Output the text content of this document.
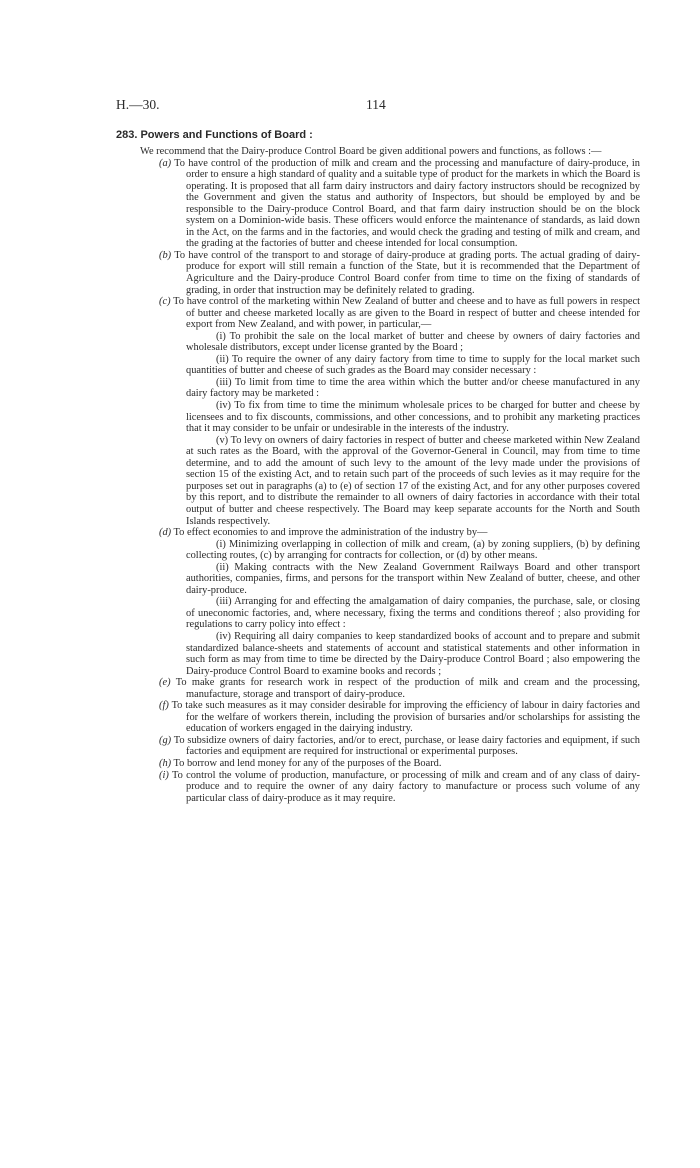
H.—30.	114
283. Powers and Functions of Board :

We recommend that the Dairy-produce Control Board be given additional powers and functions, as follows :—

(a) To have control of the production of milk and cream and the processing and manufacture of dairy-produce, in order to ensure a high standard of quality and a suitable type of product for the markets in which the Board is operating. It is proposed that all farm dairy instructors and dairy factory instructors should be recognized by the Government and given the status and authority of Inspectors, but should be employed by and be responsible to the Dairy-produce Control Board, and that farm dairy instruction should be on the block system on a Dominion-wide basis. These officers would enforce the maintenance of standards, as laid down in the Act, on the farms and in the factories, and would check the grading and testing of milk and cream, and the grading at the factories of butter and cheese intended for local consumption.

(b) To have control of the transport to and storage of dairy-produce at grading ports. The actual grading of dairy-produce for export will still remain a function of the State, but it is recommended that the Department of Agriculture and the Dairy-produce Control Board confer from time to time on the fixing of standards of grading, in order that instruction may be definitely related to grading.

(c) To have control of the marketing within New Zealand of butter and cheese and to have as full powers in respect of butter and cheese marketed locally as are given to the Board in respect of butter and cheese intended for export from New Zealand, and with power, in particular,—

(i) To prohibit the sale on the local market of butter and cheese by owners of dairy factories and wholesale distributors, except under license granted by the Board ;

(ii) To require the owner of any dairy factory from time to time to supply for the local market such quantities of butter and cheese of such grades as the Board may consider necessary :

(iii) To limit from time to time the area within which the butter and/or cheese manufactured in any dairy factory may be marketed :

(iv) To fix from time to time the minimum wholesale prices to be charged for butter and cheese by licensees and to fix discounts, commissions, and other concessions, and to prohibit any marketing practices that it may consider to be unfair or undesirable in the interests of the industry.

(v) To levy on owners of dairy factories in respect of butter and cheese marketed within New Zealand at such rates as the Board, with the approval of the Governor-General in Council, may from time to time determine, and to add the amount of such levy to the amount of the levy made under the provisions of section 15 of the existing Act, and to retain such part of the proceeds of such levies as it may require for the purposes set out in paragraphs (a) to (e) of section 17 of the existing Act, and for any other purposes covered by this report, and to distribute the remainder to all owners of dairy factories in accordance with their total output of butter and cheese respectively. The Board may keep separate accounts for the North and South Islands respectively.

(d) To effect economies to and improve the administration of the industry by—

(i) Minimizing overlapping in collection of milk and cream, (a) by zoning suppliers, (b) by defining collecting routes, (c) by arranging for contracts for collection, or (d) by other means.

(ii) Making contracts with the New Zealand Government Railways Board and other transport authorities, companies, firms, and persons for the transport within New Zealand of butter, cheese, and other dairy-produce.

(iii) Arranging for and effecting the amalgamation of dairy companies, the purchase, sale, or closing of uneconomic factories, and, where necessary, fixing the terms and conditions thereof ; also providing for regulations to carry policy into effect :

(iv) Requiring all dairy companies to keep standardized books of account and to prepare and submit standardized balance-sheets and statements of account and statistical statements and other information in such form as may from time to time be directed by the Dairy-produce Control Board ; also empowering the Dairy-produce Control Board to examine books and records ;

(e) To make grants for research work in respect of the production of milk and cream and the processing, manufacture, storage and transport of dairy-produce.

(f) To take such measures as it may consider desirable for improving the efficiency of labour in dairy factories and for the welfare of workers therein, including the provision of bursaries and/or scholarships for assisting the education of workers engaged in the dairying industry.

(g) To subsidize owners of dairy factories, and/or to erect, purchase, or lease dairy factories and equipment, if such factories and equipment are required for instructional or experimental purposes.

(h) To borrow and lend money for any of the purposes of the Board.

(i) To control the volume of production, manufacture, or processing of milk and cream and of any class of dairy-produce and to require the owner of any dairy factory to manufacture or process such volume of any particular class of dairy-produce as it may require.
